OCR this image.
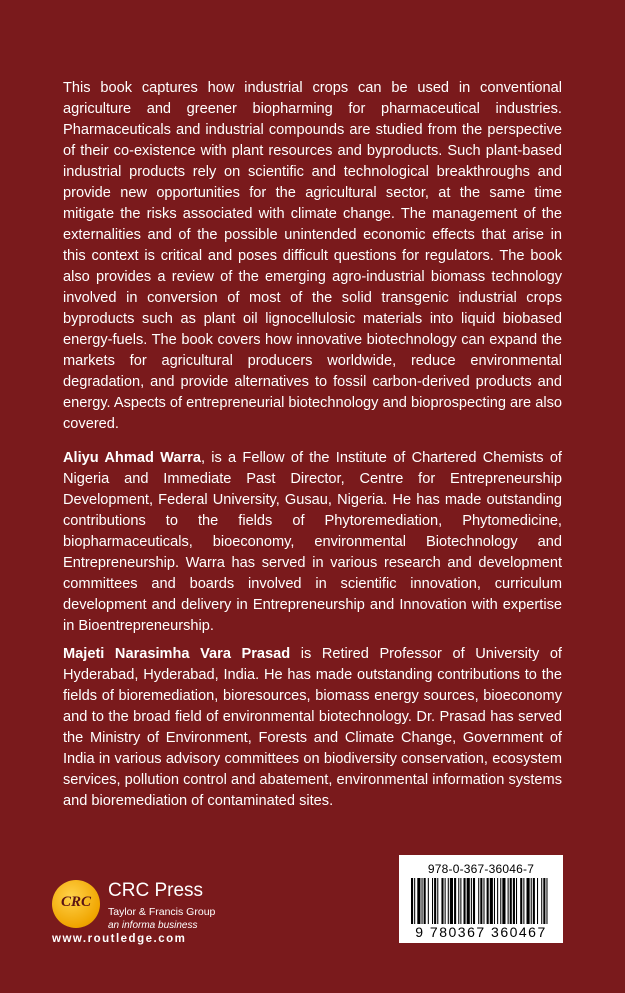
This book captures how industrial crops can be used in conventional agriculture and greener biopharming for pharmaceutical industries. Pharmaceuticals and industrial compounds are studied from the perspective of their co-existence with plant resources and byproducts. Such plant-based industrial products rely on scientific and technological breakthroughs and provide new opportunities for the agricultural sector, at the same time mitigate the risks associated with climate change. The management of the externalities and of the possible unintended economic effects that arise in this context is critical and poses difficult questions for regulators. The book also provides a review of the emerging agro-industrial biomass technology involved in conversion of most of the solid transgenic industrial crops byproducts such as plant oil lignocellulosic materials into liquid biobased energy-fuels. The book covers how innovative biotechnology can expand the markets for agricultural producers worldwide, reduce environmental degradation, and provide alternatives to fossil carbon-derived products and energy. Aspects of entrepreneurial biotechnology and bioprospecting are also covered.

Aliyu Ahmad Warra, is a Fellow of the Institute of Chartered Chemists of Nigeria and Immediate Past Director, Centre for Entrepreneurship Development, Federal University, Gusau, Nigeria. He has made outstanding contributions to the fields of Phytoremediation, Phytomedicine, biopharmaceuticals, bioeconomy, environmental Biotechnology and Entrepreneurship. Warra has served in various research and development committees and boards involved in scientific innovation, curriculum development and delivery in Entrepreneurship and Innovation with expertise in Bioentrepreneurship.

Majeti Narasimha Vara Prasad is Retired Professor of University of Hyderabad, Hyderabad, India. He has made outstanding contributions to the fields of bioremediation, bioresources, biomass energy sources, bioeconomy and to the broad field of environmental biotechnology. Dr. Prasad has served the Ministry of Environment, Forests and Climate Change, Government of India in various advisory committees on biodiversity conservation, ecosystem services, pollution control and abatement, environmental information systems and bioremediation of contaminated sites.

CRC
CRC Press
Taylor & Francis Group
an informa business
www.routledge.com
978-0-367-36046-7
9 780367 360467
